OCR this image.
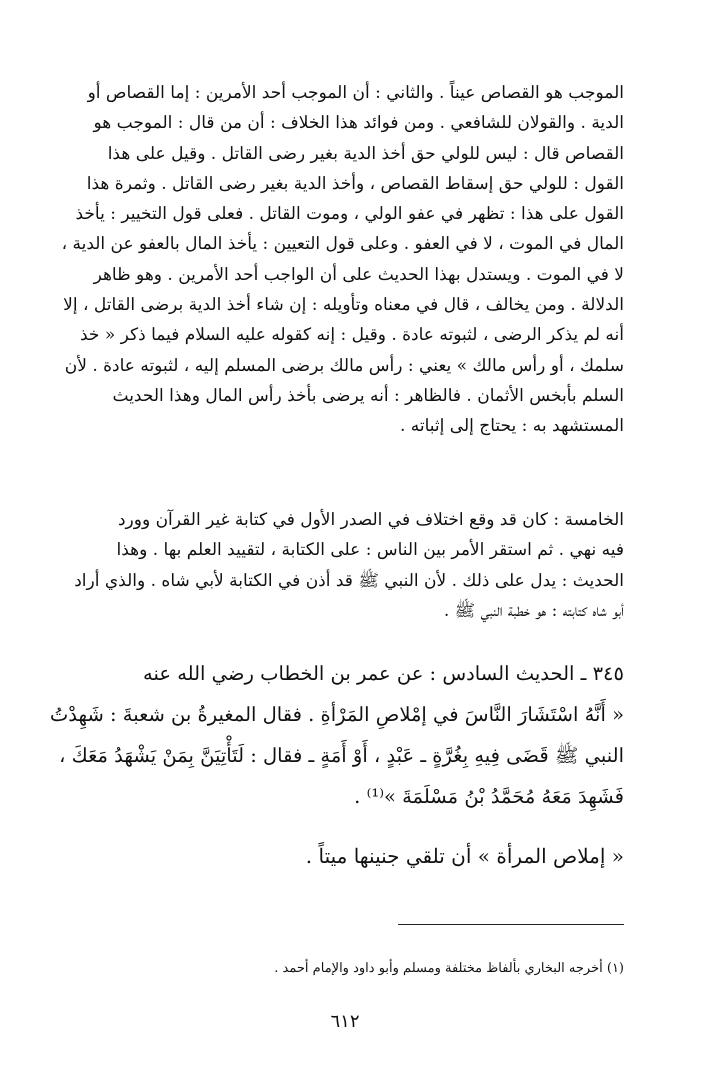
الموجب هو القصاص عيناً . والثاني : أن الموجب أحد الأمرين : إما القصاص أو
الدية . والقولان للشافعي . ومن فوائد هذا الخلاف : أن من قال : الموجب هو
القصاص قال : ليس للولي حق أخذ الدية بغير رضى القاتل . وقيل على هذا
القول : للولي حق إسقاط القصاص ، وأخذ الدية بغير رضى القاتل . وثمرة هذا
القول على هذا : تظهر في عفو الولي ، وموت القاتل . فعلى قول التخيير : يأخذ
المال في الموت ، لا في العفو . وعلى قول التعيين : يأخذ المال بالعفو عن الدية ،
لا في الموت . ويستدل بهذا الحديث على أن الواجب أحد الأمرين . وهو ظاهر
الدلالة . ومن يخالف ، قال في معناه وتأويله : إن شاء أخذ الدية برضى القاتل ، إلا
أنه لم يذكر الرضى ، لثبوته عادة . وقيل : إنه كقوله عليه السلام فيما ذكر « خذ
سلمك ، أو رأس مالك » يعني : رأس مالك برضى المسلم إليه ، لثبوته عادة . لأن
السلم بأبخس الأثمان . فالظاهر : أنه يرضى بأخذ رأس المال وهذا الحديث
المستشهد به : يحتاج إلى إثباته .
الخامسة : كان قد وقع اختلاف في الصدر الأول في كتابة غير القرآن وورد
فيه نهي . ثم استقر الأمر بين الناس : على الكتابة ، لتقييد العلم بها . وهذا
الحديث : يدل على ذلك . لأن النبي ﷺ قد أذن في الكتابة لأبي شاه . والذي أراد
أبو شاه كتابته : هو خطبة النبي ﷺ .
٣٤٥ ـ الحديث السادس : عن عمر بن الخطاب رضي الله عنه
« أَنَّهُ اسْتَشَارَ النَّاسَ في إمْلاصِ المَرْأةِ . فقال المغيرةُ بن شعبةَ : شَهِدْتُ
النبي ﷺ قَضَى فِيهِ بِغُرَّةٍ ـ عَبْدٍ ، أَوْ أَمَةٍ ـ فقال : لَتَأْتِيَنَّ بِمَنْ يَشْهَدُ مَعَكَ ،
فَشَهِدَ مَعَهُ مُحَمَّدُ بْنُ مَسْلَمَةَ »⁽¹⁾ .
« إملاص المرأة » أن تلقي جنينها ميتاً .
(١) أخرجه البخاري بألفاظ مختلفة ومسلم وأبو داود والإمام أحمد .
٦١٢
